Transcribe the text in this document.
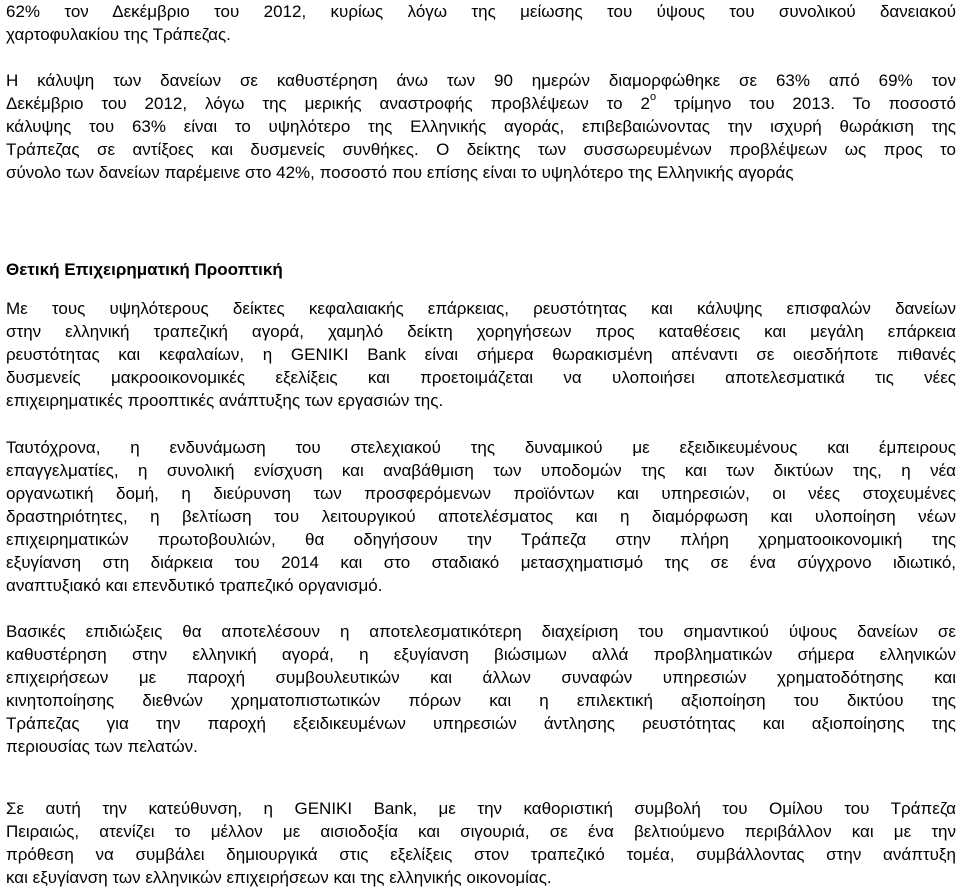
62% τον Δεκέμβριο του 2012, κυρίως λόγω της μείωσης του ύψους του συνολικού δανειακού
χαρτοφυλακίου της Τράπεζας.
Η κάλυψη των δανείων σε καθυστέρηση άνω των 90 ημερών διαμορφώθηκε σε 63% από 69% τον
Δεκέμβριο του 2012, λόγω της μερικής αναστροφής προβλέψεων το $2^o$ τρίμηνο του 2013. Το ποσοστό
κάλυψης του 63% είναι το υψηλότερο της Ελληνικής αγοράς, επιβεβαιώνοντας την ισχυρή θωράκιση της
Τράπεζας σε αντίξοες και δυσμενείς συνθήκες. Ο δείκτης των συσσωρευμένων προβλέψεων ως προς το
σύνολο των δανείων παρέμεινε στο 42%, ποσοστό που επίσης είναι το υψηλότερο της Ελληνικής αγοράς
Θετική Επιχειρηματική Προοπτική
Με τους υψηλότερους δείκτες κεφαλαιακής επάρκειας, ρευστότητας και κάλυψης επισφαλών δανείων
στην ελληνική τραπεζική αγορά, χαμηλό δείκτη χορηγήσεων προς καταθέσεις και μεγάλη επάρκεια
ρευστότητας και κεφαλαίων, η GENIKI Bank είναι σήμερα θωρακισμένη απέναντι σε οιεσδήποτε πιθανές
δυσμενείς μακροοικονομικές εξελίξεις και προετοιμάζεται να υλοποιήσει αποτελεσματικά τις νέες
επιχειρηματικές προοπτικές ανάπτυξης των εργασιών της.
Ταυτόχρονα, η ενδυνάμωση του στελεχιακού της δυναμικού με εξειδικευμένους και έμπειρους
επαγγελματίες, η συνολική ενίσχυση και αναβάθμιση των υποδομών της και των δικτύων της, η νέα
οργανωτική δομή, η διεύρυνση των προσφερόμενων προϊόντων και υπηρεσιών, οι νέες στοχευμένες
δραστηριότητες, η βελτίωση του λειτουργικού αποτελέσματος και η διαμόρφωση και υλοποίηση νέων
επιχειρηματικών πρωτοβουλιών, θα οδηγήσουν την Τράπεζα στην πλήρη χρηματοοικονομική της
εξυγίανση στη διάρκεια του 2014 και στο σταδιακό μετασχηματισμό της σε ένα σύγχρονο ιδιωτικό,
αναπτυξιακό και επενδυτικό τραπεζικό οργανισμό.
Βασικές επιδιώξεις θα αποτελέσουν η αποτελεσματικότερη διαχείριση του σημαντικού ύψους δανείων σε
καθυστέρηση στην ελληνική αγορά, η εξυγίανση βιώσιμων αλλά προβληματικών σήμερα ελληνικών
επιχειρήσεων με παροχή συμβουλευτικών και άλλων συναφών υπηρεσιών χρηματοδότησης και
κινητοποίησης διεθνών χρηματοπιστωτικών πόρων και η επιλεκτική αξιοποίηση του δικτύου της
Τράπεζας για την παροχή εξειδικευμένων υπηρεσιών άντλησης ρευστότητας και αξιοποίησης της
περιουσίας των πελατών.
Σε αυτή την κατεύθυνση, η GENIKI Bank, με την καθοριστική συμβολή του Ομίλου του Τράπεζα
Πειραιώς, ατενίζει το μέλλον με αισιοδοξία και σιγουριά, σε ένα βελτιούμενο περιβάλλον και με την
πρόθεση να συμβάλει δημιουργικά στις εξελίξεις στον τραπεζικό τομέα, συμβάλλοντας στην ανάπτυξη
και εξυγίανση των ελληνικών επιχειρήσεων και της ελληνικής οικονομίας.
